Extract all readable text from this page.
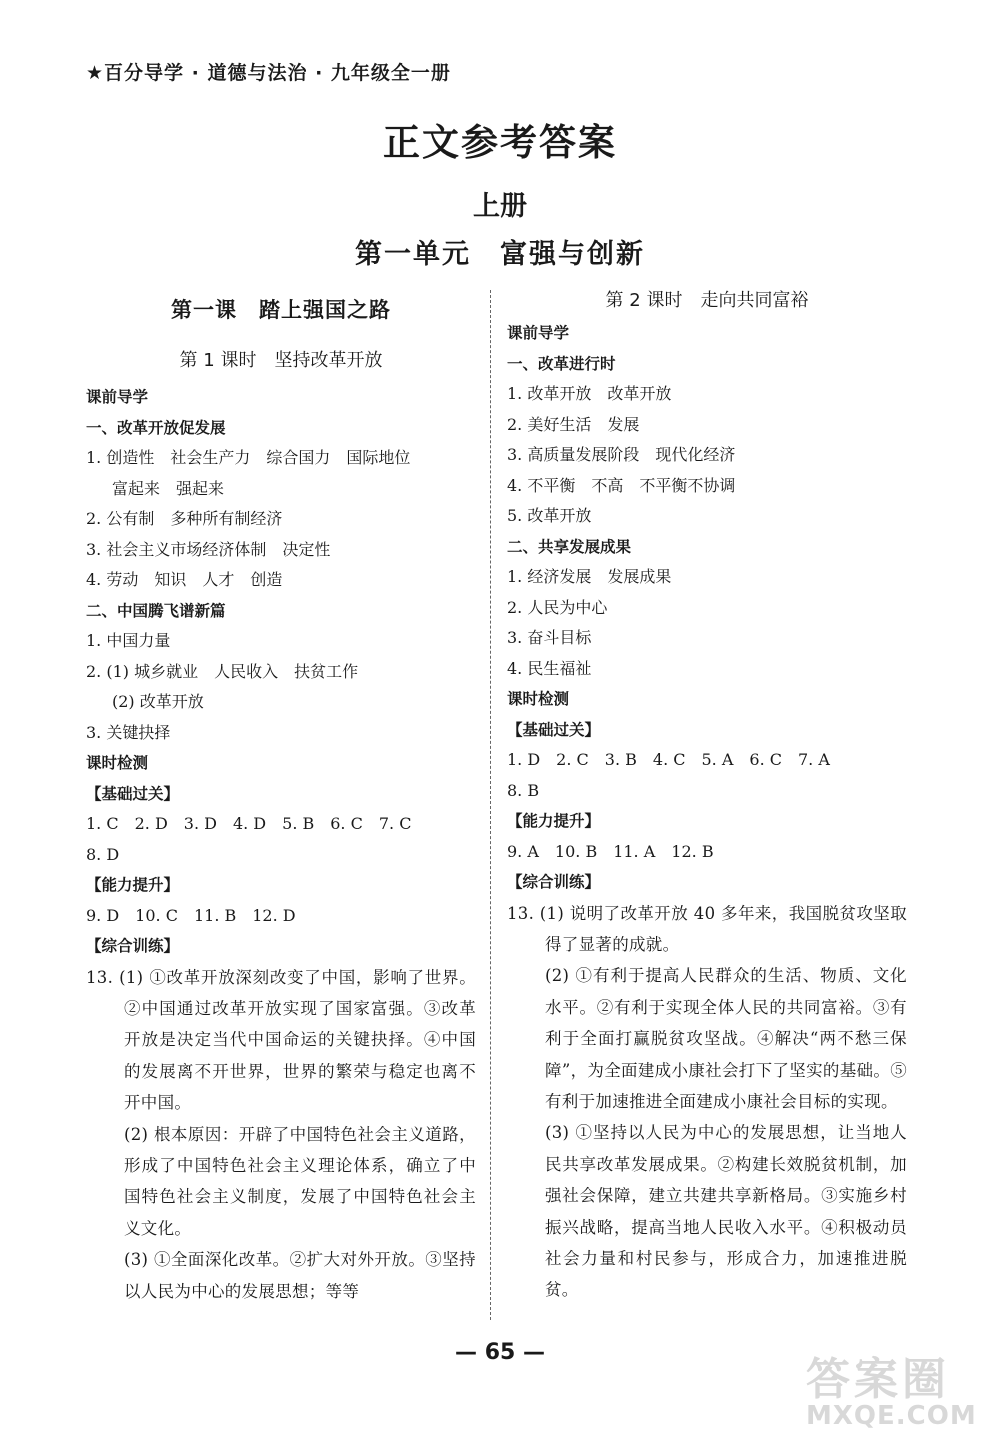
★百分导学 · 道德与法治 · 九年级全一册
正文参考答案
上册
第一单元　富强与创新
第一课　踏上强国之路
第 1 课时　坚持改革开放
课前导学
一、改革开放促发展
1. 创造性　社会生产力　综合国力　国际地位
富起来　强起来
2. 公有制　多种所有制经济
3. 社会主义市场经济体制　决定性
4. 劳动　知识　人才　创造
二、中国腾飞谱新篇
1. 中国力量
2. (1) 城乡就业　人民收入　扶贫工作
(2) 改革开放
3. 关键抉择
课时检测
【基础过关】
1. C　2. D　3. D　4. D　5. B　6. C　7. C
8. D
【能力提升】
9. D　10. C　11. B　12. D
【综合训练】
13. (1) ①改革开放深刻改变了中国，影响了世界。②中国通过改革开放实现了国家富强。③改革开放是决定当代中国命运的关键抉择。④中国的发展离不开世界，世界的繁荣与稳定也离不开中国。
(2) 根本原因：开辟了中国特色社会主义道路，形成了中国特色社会主义理论体系，确立了中国特色社会主义制度，发展了中国特色社会主义文化。
(3) ①全面深化改革。②扩大对外开放。③坚持以人民为中心的发展思想；等等
第 2 课时　走向共同富裕
课前导学
一、改革进行时
1. 改革开放　改革开放
2. 美好生活　发展
3. 高质量发展阶段　现代化经济
4. 不平衡　不高　不平衡不协调
5. 改革开放
二、共享发展成果
1. 经济发展　发展成果
2. 人民为中心
3. 奋斗目标
4. 民生福祉
课时检测
【基础过关】
1. D　2. C　3. B　4. C　5. A　6. C　7. A
8. B
【能力提升】
9. A　10. B　11. A　12. B
【综合训练】
13. (1) 说明了改革开放 40 多年来，我国脱贫攻坚取得了显著的成就。
(2) ①有利于提高人民群众的生活、物质、文化水平。②有利于实现全体人民的共同富裕。③有利于全面打赢脱贫攻坚战。④解决“两不愁三保障”，为全面建成小康社会打下了坚实的基础。⑤有利于加速推进全面建成小康社会目标的实现。
(3) ①坚持以人民为中心的发展思想，让当地人民共享改革发展成果。②构建长效脱贫机制，加强社会保障，建立共建共享新格局。③实施乡村振兴战略，提高当地人民收入水平。④积极动员社会力量和村民参与，形成合力，加速推进脱贫。
— 65 —
答案圈
MXQE.COM
